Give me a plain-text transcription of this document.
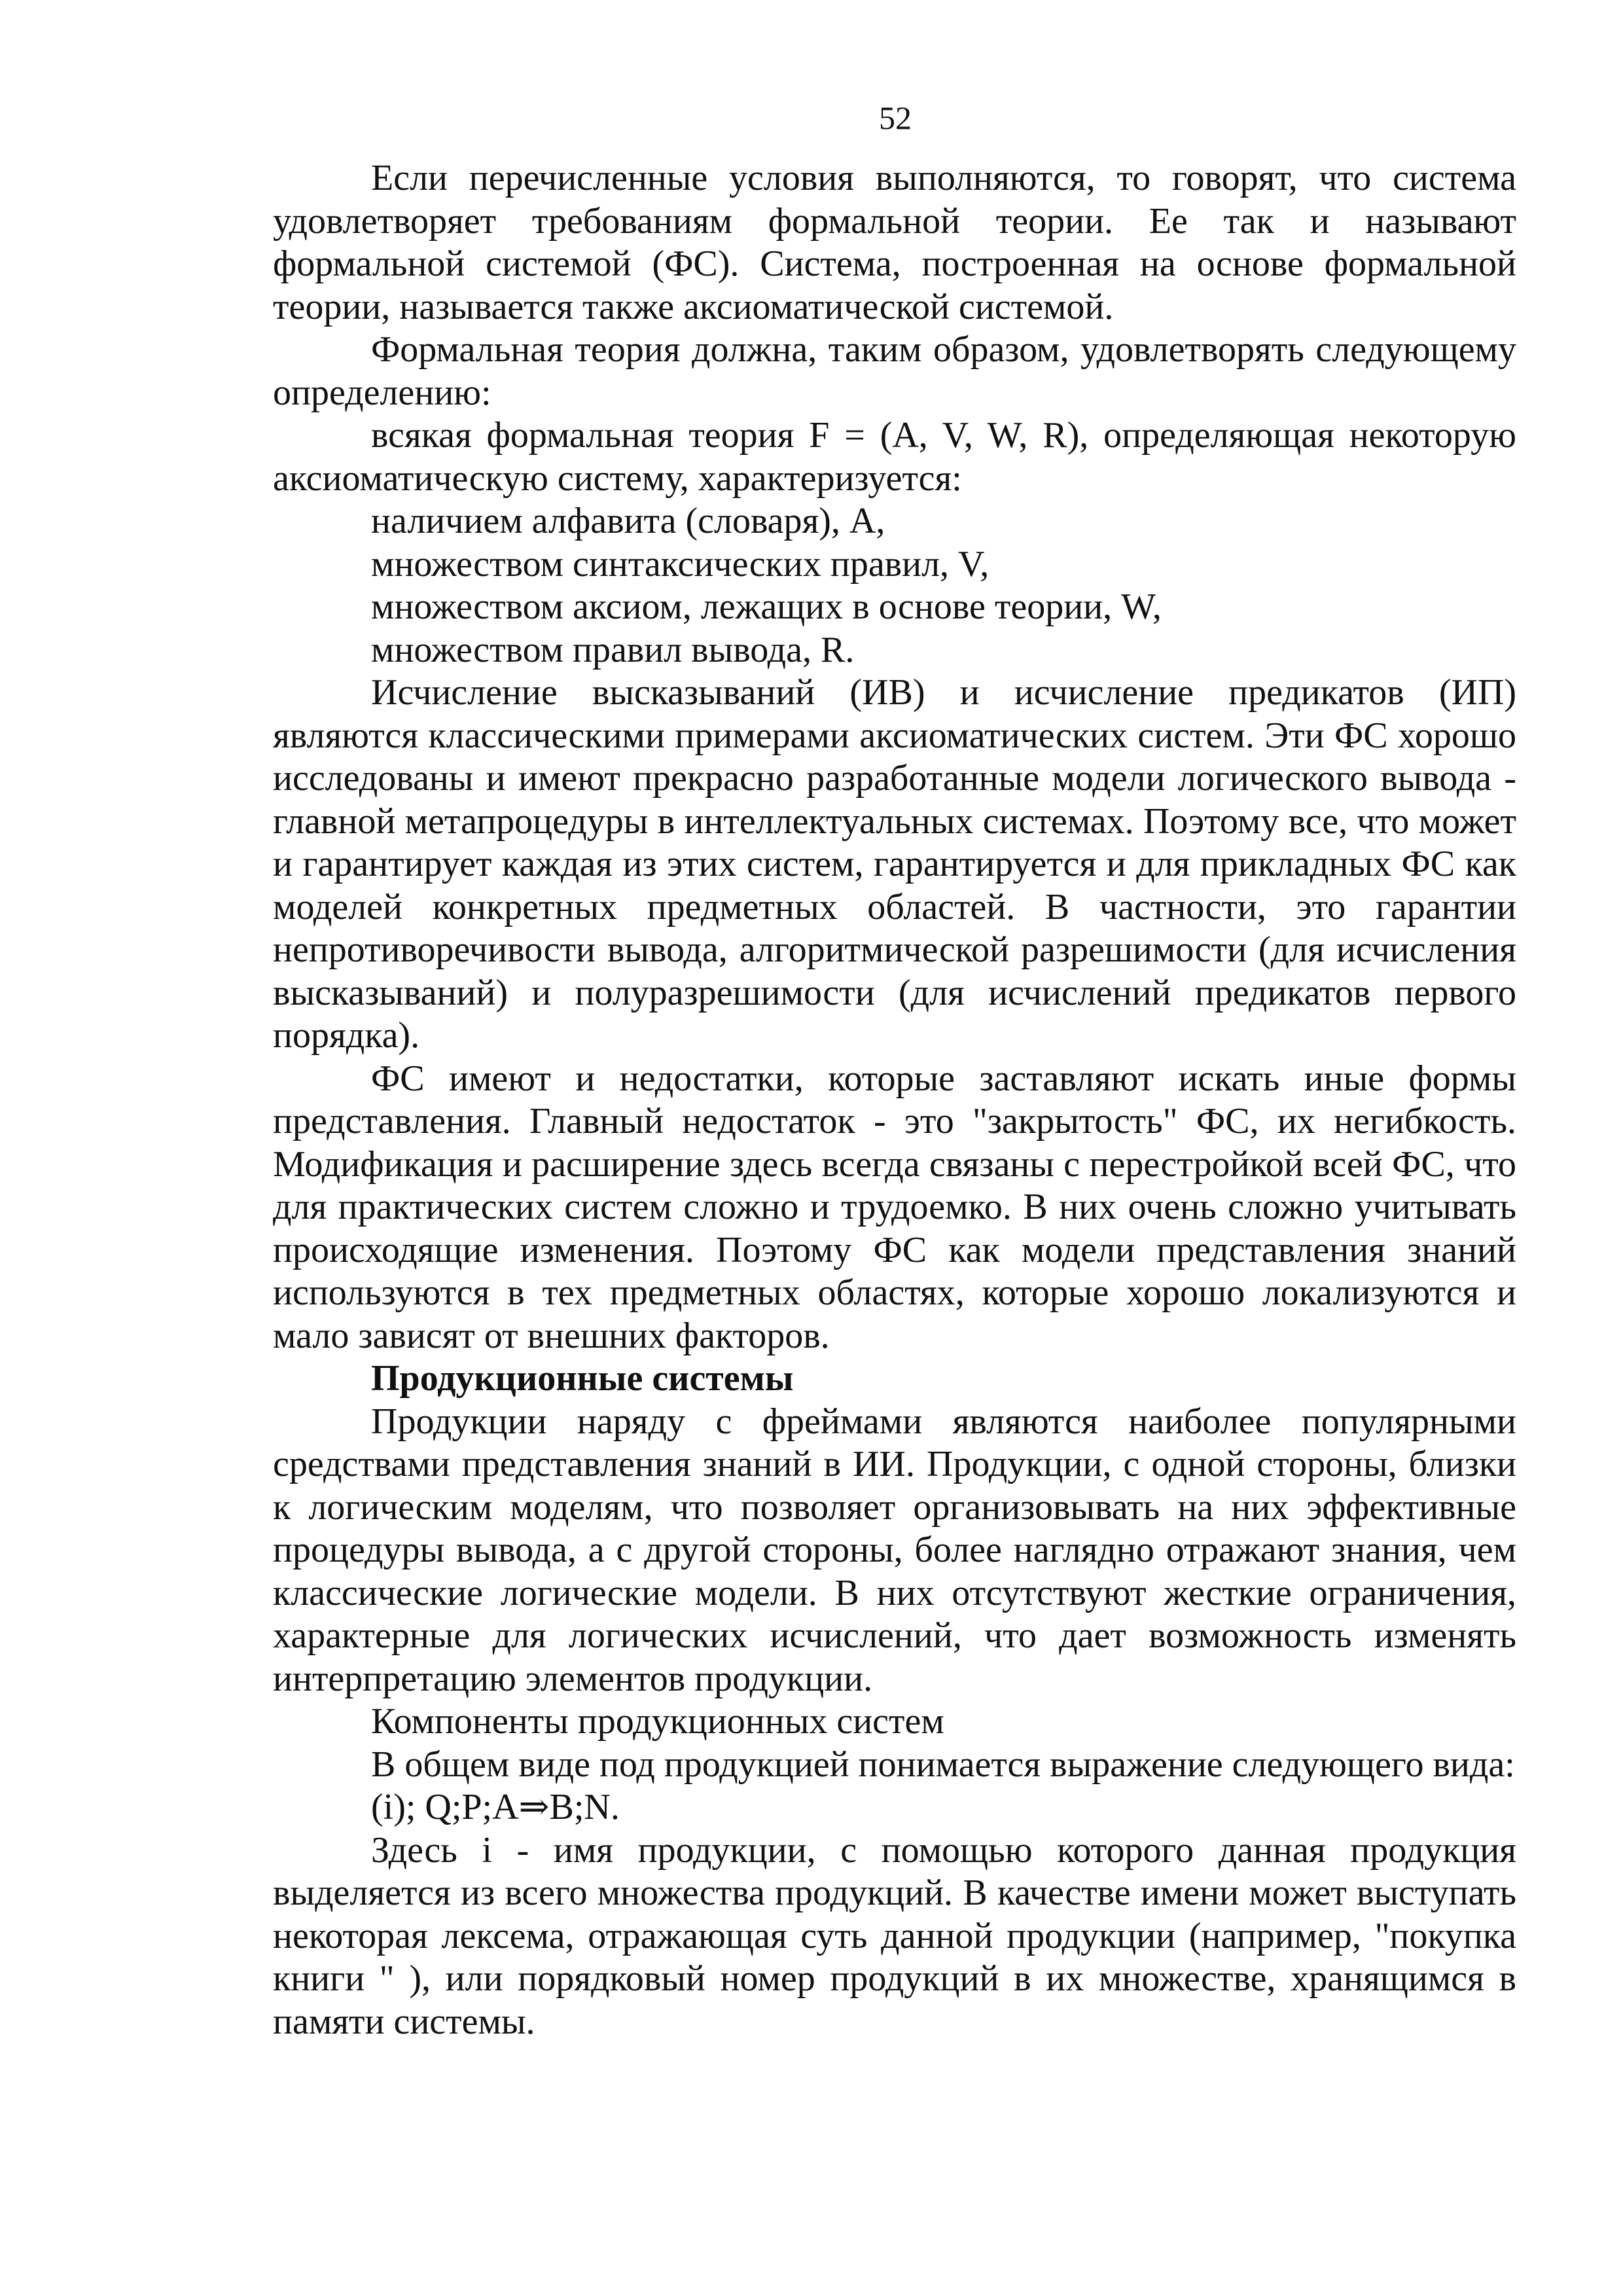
52

Если перечисленные условия выполняются, то говорят, что система удовлетворяет требованиям формальной теории. Ее так и называют формальной системой (ФС). Система, построенная на основе формальной теории, называется также аксиоматической системой.

Формальная теория должна, таким образом, удовлетворять следующему определению:

всякая формальная теория F = (A, V, W, R), определяющая некоторую аксиоматическую систему, характеризуется:

наличием алфавита (словаря), A,

множеством синтаксических правил, V,

множеством аксиом, лежащих в основе теории, W,

множеством правил вывода, R.

Исчисление высказываний (ИВ) и исчисление предикатов (ИП) являются классическими примерами аксиоматических систем. Эти ФС хорошо исследованы и имеют прекрасно разработанные модели логического вывода - главной метапроцедуры в интеллектуальных системах. Поэтому все, что может и гарантирует каждая из этих систем, гарантируется и для прикладных ФС как моделей конкретных предметных областей. В частности, это гарантии непротиворечивости вывода, алгоритмической разрешимости (для исчисления высказываний) и полуразрешимости (для исчислений предикатов первого порядка).

ФС имеют и недостатки, которые заставляют искать иные формы представления. Главный недостаток - это "закрытость" ФС, их негибкость. Модификация и расширение здесь всегда связаны с перестройкой всей ФС, что для практических систем сложно и трудоемко. В них очень сложно учитывать происходящие изменения. Поэтому ФС как модели представления знаний используются в тех предметных областях, которые хорошо локализуются и мало зависят от внешних факторов.

Продукционные системы

Продукции наряду с фреймами являются наиболее популярными средствами представления знаний в ИИ. Продукции, с одной стороны, близки к логическим моделям, что позволяет организовывать на них эффективные процедуры вывода, а с другой стороны, более наглядно отражают знания, чем классические логические модели. В них отсутствуют жесткие ограничения, характерные для логических исчислений, что дает возможность изменять интерпретацию элементов продукции.

Компоненты продукционных систем

В общем виде под продукцией понимается выражение следующего вида:

(i); Q;P;A⇒B;N.

Здесь i - имя продукции, с помощью которого данная продукция выделяется из всего множества продукций. В качестве имени может выступать некоторая лексема, отражающая суть данной продукции (например, "покупка книги " ), или порядковый номер продукций в их множестве, хранящимся в памяти системы.
